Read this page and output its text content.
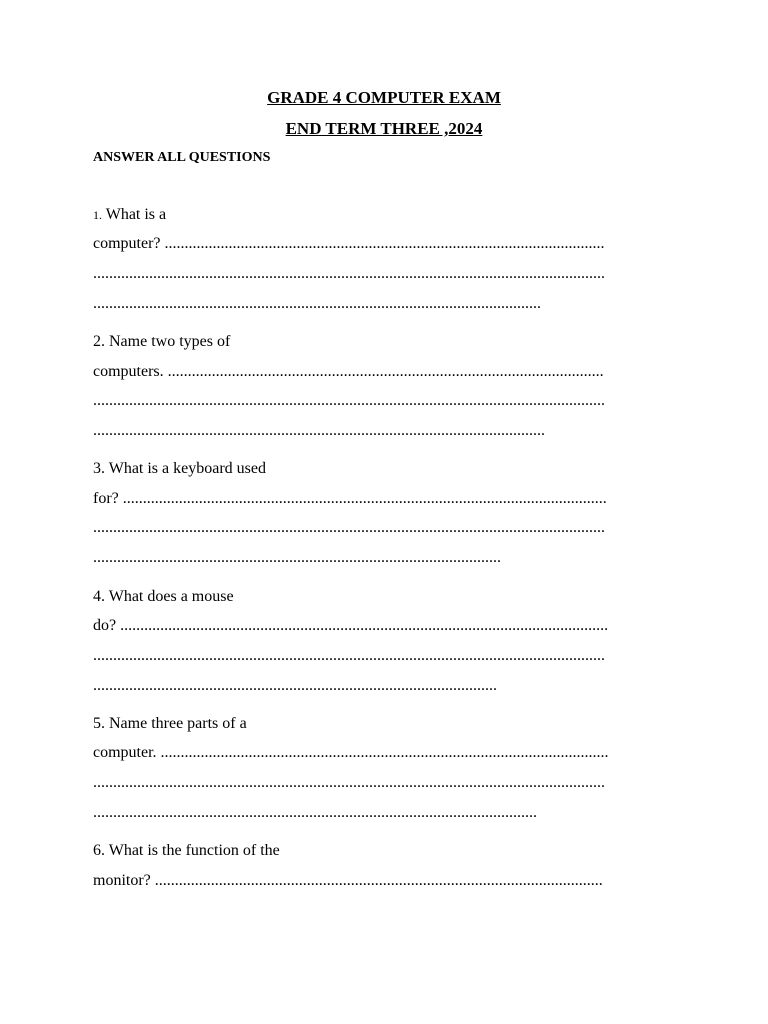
GRADE 4 COMPUTER EXAM
END TERM THREE ,2024
ANSWER ALL QUESTIONS
1. What is a
computer? ..............................................................................................................
................................................................................................................................
................................................................................................................
2. Name two types of
computers. .............................................................................................................
................................................................................................................................
.................................................................................................................
3. What is a keyboard used
for? .........................................................................................................................
................................................................................................................................
......................................................................................................
4. What does a mouse
do? ..........................................................................................................................
................................................................................................................................
.....................................................................................................
5. Name three parts of a
computer. ................................................................................................................
................................................................................................................................
...............................................................................................................
6. What is the function of the
monitor? ................................................................................................................
